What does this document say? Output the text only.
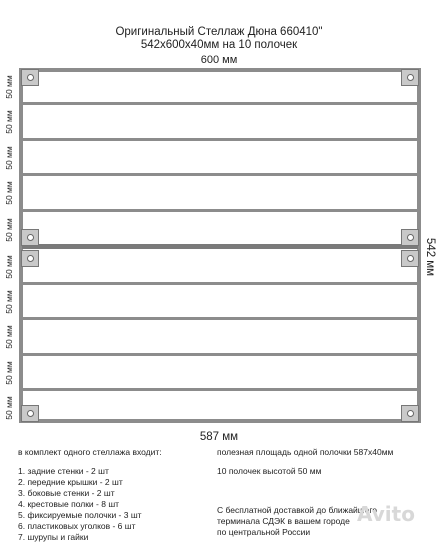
Оригинальный Стеллаж Дюна 660410"
542x600x40мм на 10 полочек
600 мм
50 мм
50 мм
50 мм
50 мм
50 мм
50 мм
50 мм
50 мм
50 мм
50 мм
542 мм
587 мм
в комплект одного стеллажа входит:
1. задние стенки - 2 шт
2. передние крышки - 2 шт
3. боковые стенки - 2 шт
4. крестовые полки - 8 шт
5. фиксируемые полочки - 3 шт
6. пластиковых уголков - 6 шт
7. шурупы и гайки
полезная площадь одной полочки 587x40мм
10 полочек высотой 50 мм
С бесплатной доставкой до ближайшего
терминала СДЭК в вашем городе
по центральной России
Avito
